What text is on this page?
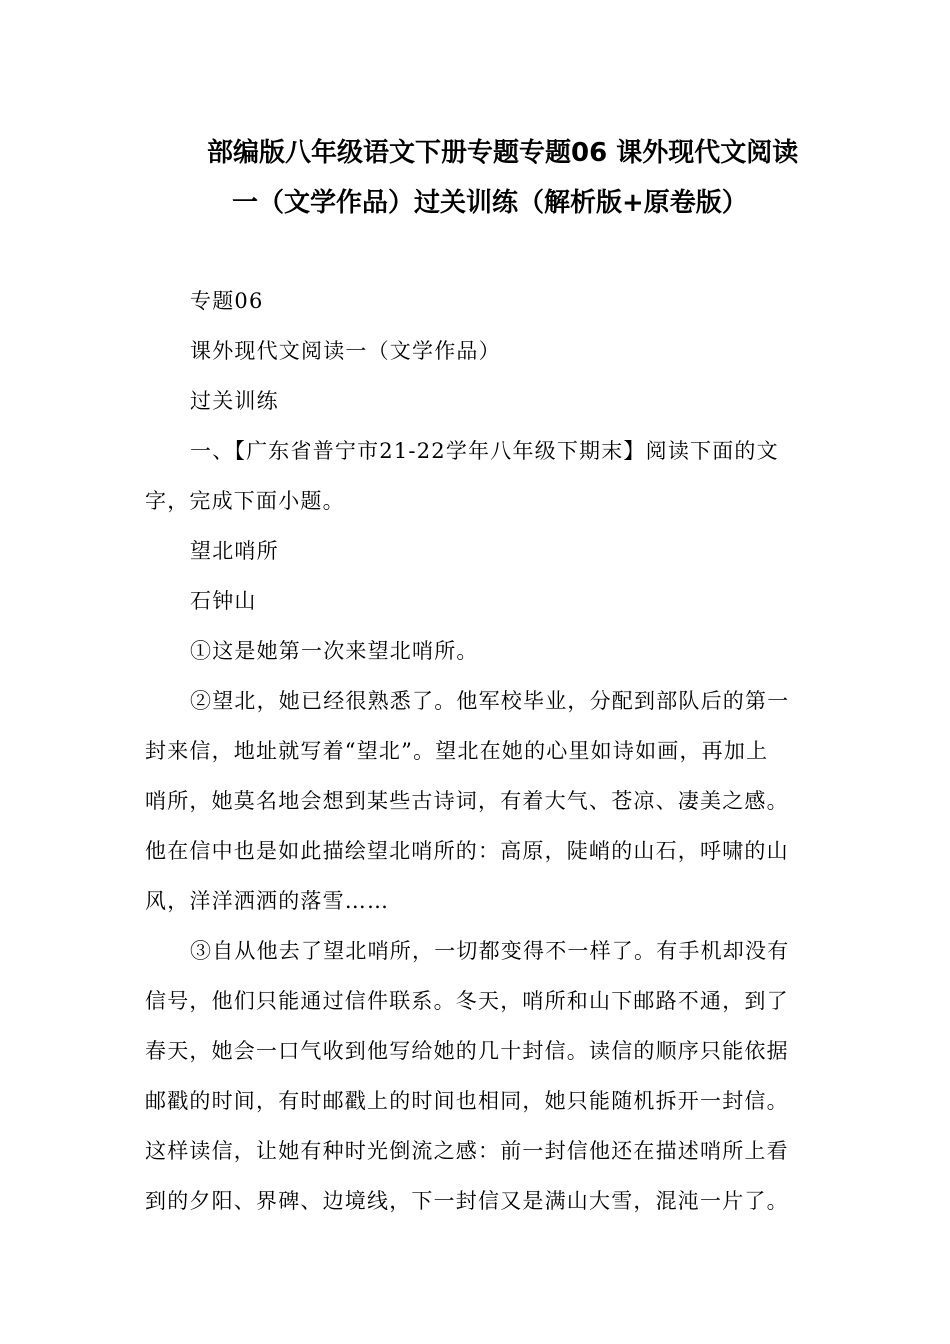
部编版八年级语文下册专题专题06 课外现代文阅读
一（文学作品）过关训练（解析版+原卷版）
专题06
课外现代文阅读一（文学作品）
过关训练
一、【广东省普宁市21-22学年八年级下期末】阅读下面的文
字，完成下面小题。
望北哨所
石钟山
①这是她第一次来望北哨所。
②望北，她已经很熟悉了。他军校毕业，分配到部队后的第一
封来信，地址就写着“望北”。望北在她的心里如诗如画，再加上
哨所，她莫名地会想到某些古诗词，有着大气、苍凉、凄美之感。
他在信中也是如此描绘望北哨所的：高原，陡峭的山石，呼啸的山
风，洋洋洒洒的落雪……
③自从他去了望北哨所，一切都变得不一样了。有手机却没有
信号，他们只能通过信件联系。冬天，哨所和山下邮路不通，到了
春天，她会一口气收到他写给她的几十封信。读信的顺序只能依据
邮戳的时间，有时邮戳上的时间也相同，她只能随机拆开一封信。
这样读信，让她有种时光倒流之感：前一封信他还在描述哨所上看
到的夕阳、界碑、边境线，下一封信又是满山大雪，混沌一片了。
